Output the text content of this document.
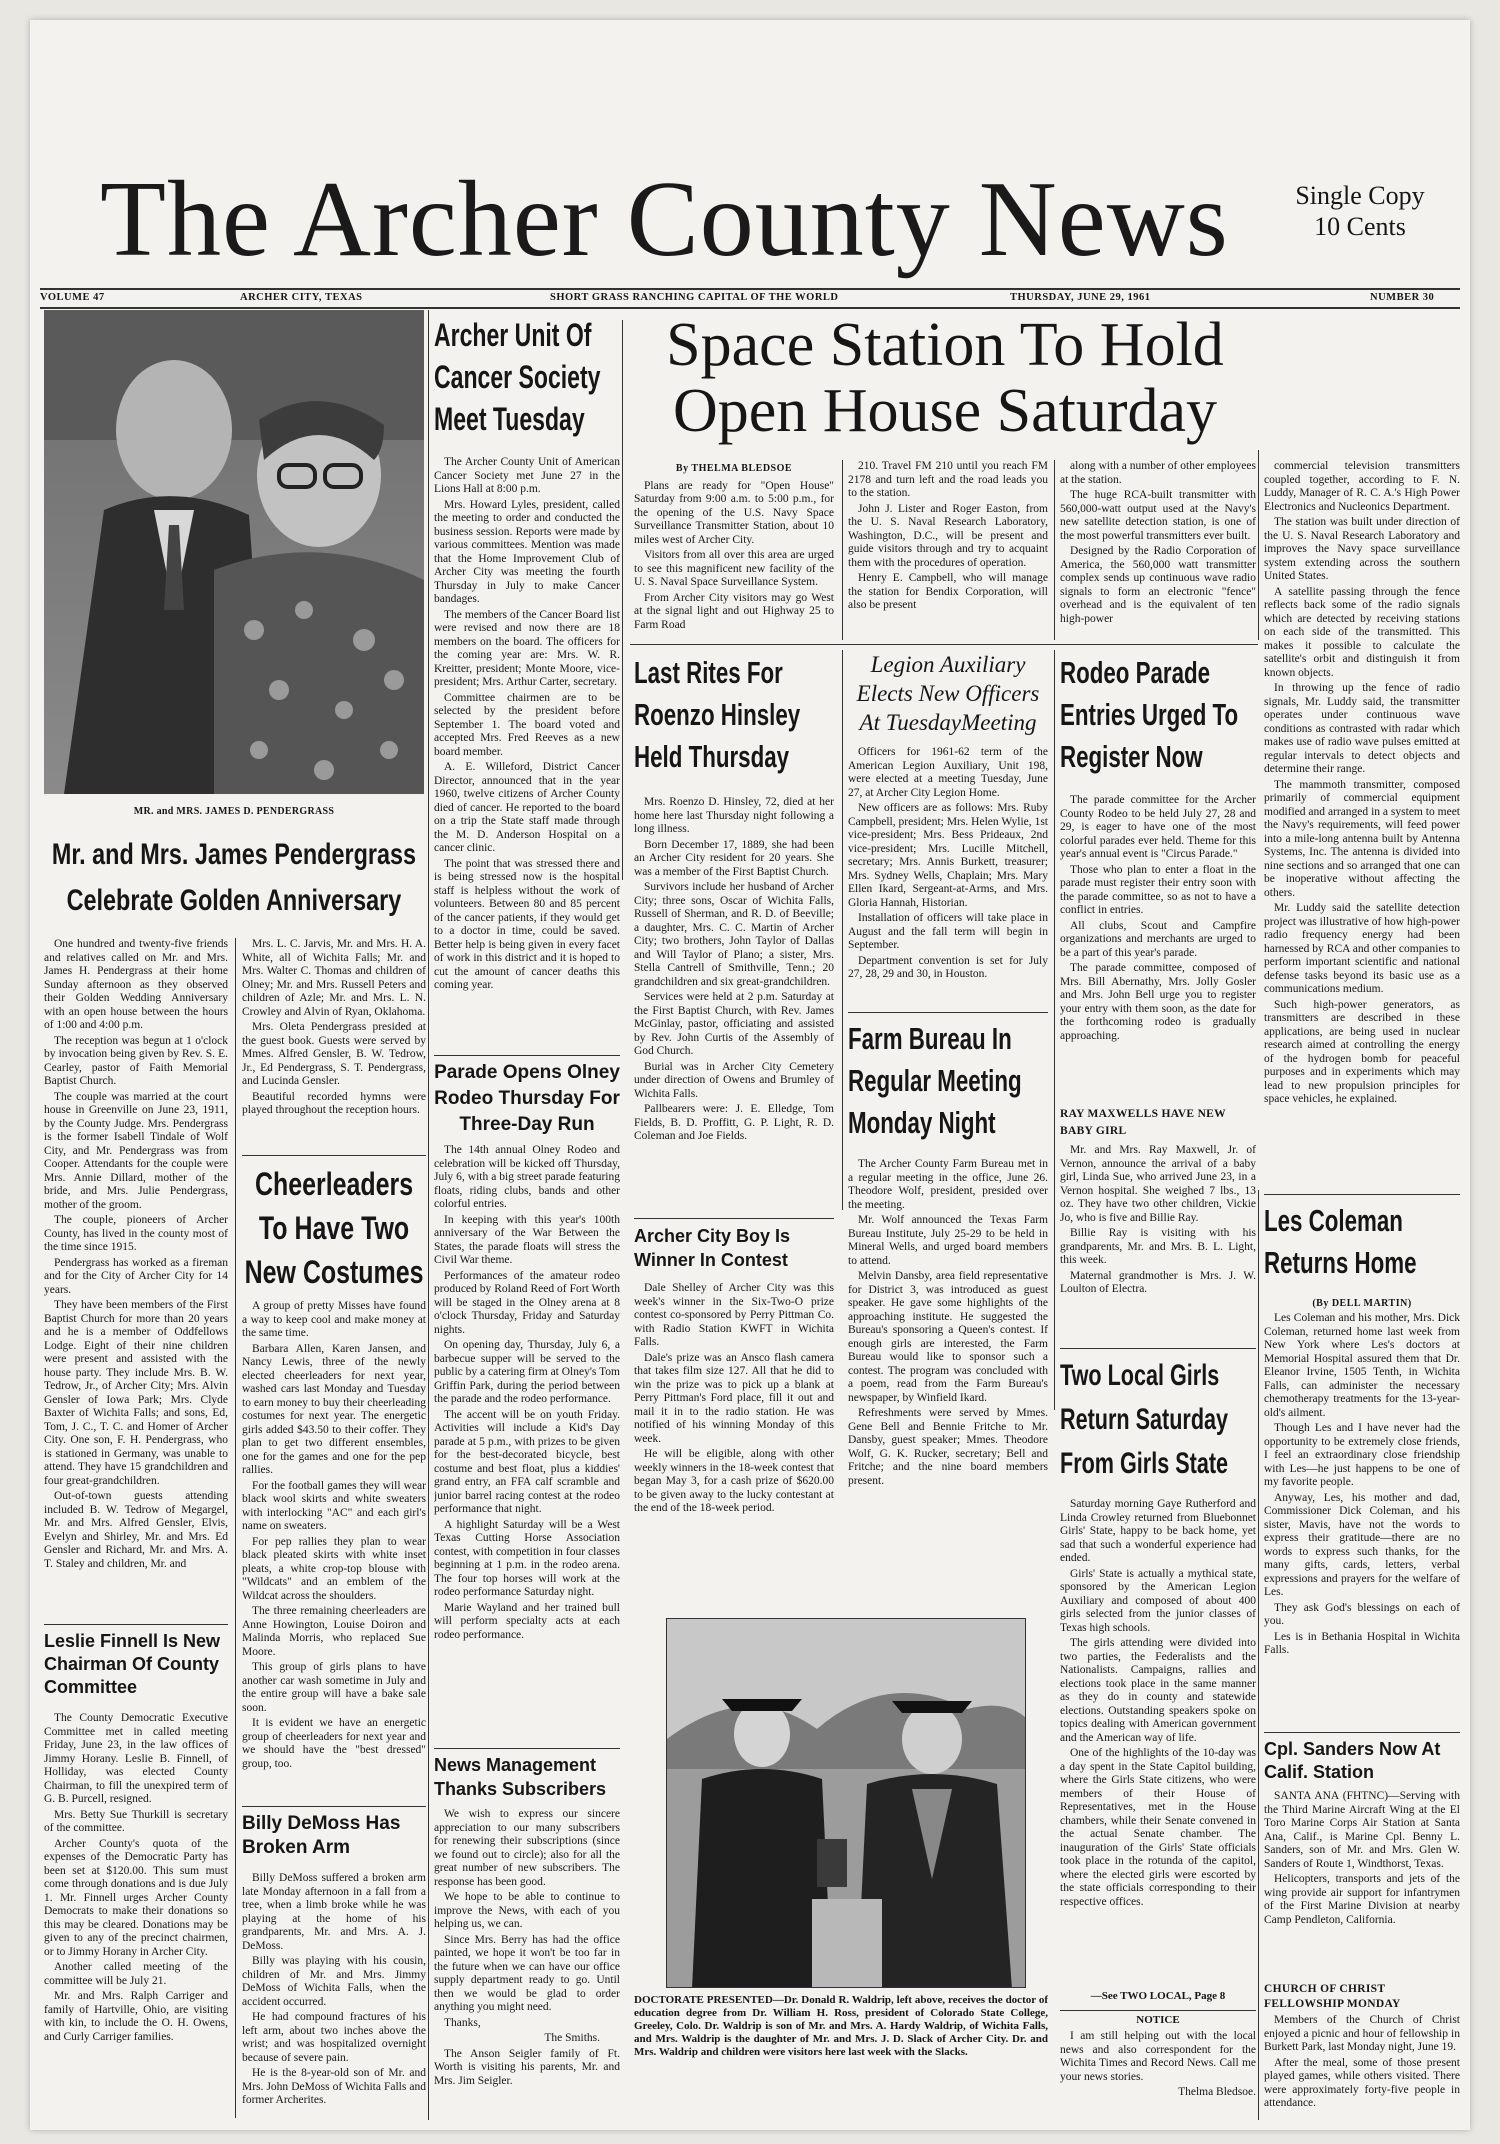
The Archer County News	Single Copy
10 Cents
VOLUME 47	ARCHER CITY, TEXAS	SHORT GRASS RANCHING CAPITAL OF THE WORLD	THURSDAY, JUNE 29, 1961	NUMBER 30
MR. and MRS. JAMES D. PENDERGRASS
Mr. and Mrs. James Pendergrass
Celebrate Golden Anniversary

One hundred and twenty-five friends and relatives called on Mr. and Mrs. James H. Pendergrass at their home Sunday afternoon as they observed their Golden Wedding Anniversary with an open house between the hours of 1:00 and 4:00 p.m.

The reception was begun at 1 o'clock by invocation being given by Rev. S. E. Cearley, pastor of Faith Memorial Baptist Church.

The couple was married at the court house in Greenville on June 23, 1911, by the County Judge. Mrs. Pendergrass is the former Isabell Tindale of Wolf City, and Mr. Pendergrass was from Cooper. Attendants for the couple were Mrs. Annie Dillard, mother of the bride, and Mrs. Julie Pendergrass, mother of the groom.

The couple, pioneers of Archer County, has lived in the county most of the time since 1915.

Pendergrass has worked as a fireman and for the City of Archer City for 14 years.

They have been members of the First Baptist Church for more than 20 years and he is a member of Oddfellows Lodge. Eight of their nine children were present and assisted with the house party. They include Mrs. B. W. Tedrow, Jr., of Archer City; Mrs. Alvin Gensler of Iowa Park; Mrs. Clyde Baxter of Wichita Falls; and sons, Ed, Tom, J. C., T. C. and Homer of Archer City. One son, F. H. Pendergrass, who is stationed in Germany, was unable to attend. They have 15 grandchildren and four great-grandchildren.

Out-of-town guests attending included B. W. Tedrow of Megargel, Mr. and Mrs. Alfred Gensler, Elvis, Evelyn and Shirley, Mr. and Mrs. Ed Gensler and Richard, Mr. and Mrs. A. T. Staley and children, Mr. and

Mrs. L. C. Jarvis, Mr. and Mrs. H. A. White, all of Wichita Falls; Mr. and Mrs. Walter C. Thomas and children of Olney; Mr. and Mrs. Russell Peters and children of Azle; Mr. and Mrs. L. N. Crowley and Alvin of Ryan, Oklahoma.

Mrs. Oleta Pendergrass presided at the guest book. Guests were served by Mmes. Alfred Gensler, B. W. Tedrow, Jr., Ed Pendergrass, S. T. Pendergrass, and Lucinda Gensler.

Beautiful recorded hymns were played throughout the reception hours.

Cheerleaders To Have Two New Costumes

A group of pretty Misses have found a way to keep cool and make money at the same time.

Barbara Allen, Karen Jansen, and Nancy Lewis, three of the newly elected cheerleaders for next year, washed cars last Monday and Tuesday to earn money to buy their cheerleading costumes for next year. The energetic girls added $43.50 to their coffer. They plan to get two different ensembles, one for the games and one for the pep rallies.

For the football games they will wear black wool skirts and white sweaters with interlocking "AC" and each girl's name on sweaters.

For pep rallies they plan to wear black pleated skirts with white inset pleats, a white crop-top blouse with "Wildcats" and an emblem of the Wildcat across the shoulders.

The three remaining cheerleaders are Anne Howington, Louise Doiron and Malinda Morris, who replaced Sue Moore.

This group of girls plans to have another car wash sometime in July and the entire group will have a bake sale soon.

It is evident we have an energetic group of cheerleaders for next year and we should have the "best dressed" group, too.

Leslie Finnell Is New Chairman Of County Committee

The County Democratic Executive Committee met in called meeting Friday, June 23, in the law offices of Jimmy Horany. Leslie B. Finnell, of Holliday, was elected County Chairman, to fill the unexpired term of G. B. Purcell, resigned.

Mrs. Betty Sue Thurkill is secretary of the committee.

Archer County's quota of the expenses of the Democratic Party has been set at $120.00. This sum must come through donations and is due July 1. Mr. Finnell urges Archer County Democrats to make their donations so this may be cleared. Donations may be given to any of the precinct chairmen, or to Jimmy Horany in Archer City.

Another called meeting of the committee will be July 21.

Mr. and Mrs. Ralph Carriger and family of Hartville, Ohio, are visiting with kin, to include the O. H. Owens, and Curly Carriger families.

Billy DeMoss Has Broken Arm

Billy DeMoss suffered a broken arm late Monday afternoon in a fall from a tree, when a limb broke while he was playing at the home of his grandparents, Mr. and Mrs. A. J. DeMoss.

Billy was playing with his cousin, children of Mr. and Mrs. Jimmy DeMoss of Wichita Falls, when the accident occurred.

He had compound fractures of his left arm, about two inches above the wrist; and was hospitalized overnight because of severe pain.

He is the 8-year-old son of Mr. and Mrs. John DeMoss of Wichita Falls and former Archerites.

Archer Unit Of Cancer Society Meet Tuesday

The Archer County Unit of American Cancer Society met June 27 in the Lions Hall at 8:00 p.m.

Mrs. Howard Lyles, president, called the meeting to order and conducted the business session. Reports were made by various committees. Mention was made that the Home Improvement Club of Archer City was meeting the fourth Thursday in July to make Cancer bandages.

The members of the Cancer Board list were revised and now there are 18 members on the board. The officers for the coming year are: Mrs. W. R. Kreitter, president; Monte Moore, vice-president; Mrs. Arthur Carter, secretary.

Committee chairmen are to be selected by the president before September 1. The board voted and accepted Mrs. Fred Reeves as a new board member.

A. E. Willeford, District Cancer Director, announced that in the year 1960, twelve citizens of Archer County died of cancer. He reported to the board on a trip the State staff made through the M. D. Anderson Hospital on a cancer clinic.

The point that was stressed there and is being stressed now is the hospital staff is helpless without the work of volunteers. Between 80 and 85 percent of the cancer patients, if they would get to a doctor in time, could be saved. Better help is being given in every facet of work in this district and it is hoped to cut the amount of cancer deaths this coming year.

Parade Opens Olney Rodeo Thursday For Three-Day Run

The 14th annual Olney Rodeo and celebration will be kicked off Thursday, July 6, with a big street parade featuring floats, riding clubs, bands and other colorful entries.

In keeping with this year's 100th anniversary of the War Between the States, the parade floats will stress the Civil War theme.

Performances of the amateur rodeo produced by Roland Reed of Fort Worth will be staged in the Olney arena at 8 o'clock Thursday, Friday and Saturday nights.

On opening day, Thursday, July 6, a barbecue supper will be served to the public by a catering firm at Olney's Tom Griffin Park, during the period between the parade and the rodeo performance.

The accent will be on youth Friday. Activities will include a Kid's Day parade at 5 p.m., with prizes to be given for the best-decorated bicycle, best costume and best float, plus a kiddies' grand entry, an FFA calf scramble and junior barrel racing contest at the rodeo performance that night.

A highlight Saturday will be a West Texas Cutting Horse Association contest, with competition in four classes beginning at 1 p.m. in the rodeo arena. The four top horses will work at the rodeo performance Saturday night.

Marie Wayland and her trained bull will perform specialty acts at each rodeo performance.

News Management Thanks Subscribers

We wish to express our sincere appreciation to our many subscribers for renewing their subscriptions (since we found out to circle); also for all the great number of new subscribers. The response has been good.

We hope to be able to continue to improve the News, with each of you helping us, we can.

Since Mrs. Berry has had the office painted, we hope it won't be too far in the future when we can have our office supply department ready to go. Until then we would be glad to order anything you might need.

Thanks,

The Smiths.

The Anson Seigler family of Ft. Worth is visiting his parents, Mr. and Mrs. Jim Seigler.

Space Station To Hold
Open House Saturday
By THELMA BLEDSOE

Plans are ready for "Open House" Saturday from 9:00 a.m. to 5:00 p.m., for the opening of the U.S. Navy Space Surveillance Transmitter Station, about 10 miles west of Archer City.

Visitors from all over this area are urged to see this magnificent new facility of the U. S. Naval Space Surveillance System.

From Archer City visitors may go West at the signal light and out Highway 25 to Farm Road

210. Travel FM 210 until you reach FM 2178 and turn left and the road leads you to the station.

John J. Lister and Roger Easton, from the U. S. Naval Research Laboratory, Washington, D.C., will be present and guide visitors through and try to acquaint them with the procedures of operation.

Henry E. Campbell, who will manage the station for Bendix Corporation, will also be present

along with a number of other employees at the station.

The huge RCA-built transmitter with 560,000-watt output used at the Navy's new satellite detection station, is one of the most powerful transmitters ever built.

Designed by the Radio Corporation of America, the 560,000 watt transmitter complex sends up continuous wave radio signals to form an electronic "fence" overhead and is the equivalent of ten high-power

commercial television transmitters coupled together, according to F. N. Luddy, Manager of R. C. A.'s High Power Electronics and Nucleonics Department.

The station was built under direction of the U. S. Naval Research Laboratory and improves the Navy space surveillance system extending across the southern United States.

A satellite passing through the fence reflects back some of the radio signals which are detected by receiving stations on each side of the transmitted. This makes it possible to calculate the satellite's orbit and distinguish it from known objects.

In throwing up the fence of radio signals, Mr. Luddy said, the transmitter operates under continuous wave conditions as contrasted with radar which makes use of radio wave pulses emitted at regular intervals to detect objects and determine their range.

The mammoth transmitter, composed primarily of commercial equipment modified and arranged in a system to meet the Navy's requirements, will feed power into a mile-long antenna built by Antenna Systems, Inc. The antenna is divided into nine sections and so arranged that one can be inoperative without affecting the others.

Mr. Luddy said the satellite detection project was illustrative of how high-power radio frequency energy had been harnessed by RCA and other companies to perform important scientific and national defense tasks beyond its basic use as a communications medium.

Such high-power generators, as transmitters are described in these applications, are being used in nuclear research aimed at controlling the energy of the hydrogen bomb for peaceful purposes and in experiments which may lead to new propulsion principles for space vehicles, he explained.

Last Rites For Roenzo Hinsley Held Thursday

Mrs. Roenzo D. Hinsley, 72, died at her home here last Thursday night following a long illness.

Born December 17, 1889, she had been an Archer City resident for 20 years. She was a member of the First Baptist Church.

Survivors include her husband of Archer City; three sons, Oscar of Wichita Falls, Russell of Sherman, and R. D. of Beeville; a daughter, Mrs. C. C. Martin of Archer City; two brothers, John Taylor of Dallas and Will Taylor of Plano; a sister, Mrs. Stella Cantrell of Smithville, Tenn.; 20 grandchildren and six great-grandchildren.

Services were held at 2 p.m. Saturday at the First Baptist Church, with Rev. James McGinlay, pastor, officiating and assisted by Rev. John Curtis of the Assembly of God Church.

Burial was in Archer City Cemetery under direction of Owens and Brumley of Wichita Falls.

Pallbearers were: J. E. Elledge, Tom Fields, B. D. Proffitt, G. P. Light, R. D. Coleman and Joe Fields.

Legion Auxiliary Elects New Officers At TuesdayMeeting

Officers for 1961-62 term of the American Legion Auxiliary, Unit 198, were elected at a meeting Tuesday, June 27, at Archer City Legion Home.

New officers are as follows: Mrs. Ruby Campbell, president; Mrs. Helen Wylie, 1st vice-president; Mrs. Bess Prideaux, 2nd vice-president; Mrs. Lucille Mitchell, secretary; Mrs. Annis Burkett, treasurer; Mrs. Sydney Wells, Chaplain; Mrs. Mary Ellen Ikard, Sergeant-at-Arms, and Mrs. Gloria Hannah, Historian.

Installation of officers will take place in August and the fall term will begin in September.

Department convention is set for July 27, 28, 29 and 30, in Houston.

Rodeo Parade Entries Urged To Register Now

The parade committee for the Archer County Rodeo to be held July 27, 28 and 29, is eager to have one of the most colorful parades ever held. Theme for this year's annual event is "Circus Parade."

Those who plan to enter a float in the parade must register their entry soon with the parade committee, so as not to have a conflict in entries.

All clubs, Scout and Campfire organizations and merchants are urged to be a part of this year's parade.

The parade committee, composed of Mrs. Bill Abernathy, Mrs. Jolly Gosler and Mrs. John Bell urge you to register your entry with them soon, as the date for the forthcoming rodeo is gradually approaching.

RAY MAXWELLS HAVE NEW BABY GIRL

Mr. and Mrs. Ray Maxwell, Jr. of Vernon, announce the arrival of a baby girl, Linda Sue, who arrived June 23, in a Vernon hospital. She weighed 7 lbs., 13 oz. They have two other children, Vickie Jo, who is five and Billie Ray.

Billie Ray is visiting with his grandparents, Mr. and Mrs. B. L. Light, this week.

Maternal grandmother is Mrs. J. W. Loulton of Electra.

Farm Bureau In Regular Meeting Monday Night

The Archer County Farm Bureau met in a regular meeting in the office, June 26. Theodore Wolf, president, presided over the meeting.

Mr. Wolf announced the Texas Farm Bureau Institute, July 25-29 to be held in Mineral Wells, and urged board members to attend.

Melvin Dansby, area field representative for District 3, was introduced as guest speaker. He gave some highlights of the approaching institute. He suggested the Bureau's sponsoring a Queen's contest. If enough girls are interested, the Farm Bureau would like to sponsor such a contest. The program was concluded with a poem, read from the Farm Bureau's newspaper, by Winfield Ikard.

Refreshments were served by Mmes. Gene Bell and Bennie Fritche to Mr. Dansby, guest speaker; Mmes. Theodore Wolf, G. K. Rucker, secretary; Bell and Fritche; and the nine board members present.

Archer City Boy Is Winner In Contest

Dale Shelley of Archer City was this week's winner in the Six-Two-O prize contest co-sponsored by Perry Pittman Co. with Radio Station KWFT in Wichita Falls.

Dale's prize was an Ansco flash camera that takes film size 127. All that he did to win the prize was to pick up a blank at Perry Pittman's Ford place, fill it out and mail it in to the radio station. He was notified of his winning Monday of this week.

He will be eligible, along with other weekly winners in the 18-week contest that began May 3, for a cash prize of $620.00 to be given away to the lucky contestant at the end of the 18-week period.

DOCTORATE PRESENTED—Dr. Donald R. Waldrip, left above, receives the doctor of education degree from Dr. William H. Ross, president of Colorado State College, Greeley, Colo. Dr. Waldrip is son of Mr. and Mrs. A. Hardy Waldrip, of Wichita Falls, and Mrs. Waldrip is the daughter of Mr. and Mrs. J. D. Slack of Archer City. Dr. and Mrs. Waldrip and children were visitors here last week with the Slacks.
Two Local Girls Return Saturday From Girls State

Saturday morning Gaye Rutherford and Linda Crowley returned from Bluebonnet Girls' State, happy to be back home, yet sad that such a wonderful experience had ended.

Girls' State is actually a mythical state, sponsored by the American Legion Auxiliary and composed of about 400 girls selected from the junior classes of Texas high schools.

The girls attending were divided into two parties, the Federalists and the Nationalists. Campaigns, rallies and elections took place in the same manner as they do in county and statewide elections. Outstanding speakers spoke on topics dealing with American government and the American way of life.

One of the highlights of the 10-day was a day spent in the State Capitol building, where the Girls State citizens, who were members of their House of Representatives, met in the House chambers, while their Senate convened in the actual Senate chamber. The inauguration of the Girls' State officials took place in the rotunda of the capitol, where the elected girls were escorted by the state officials corresponding to their respective offices.

—See TWO LOCAL, Page 8
NOTICE

I am still helping out with the local news and also correspondent for the Wichita Times and Record News. Call me your news stories.

Thelma Bledsoe.

Les Coleman Returns Home
(By DELL MARTIN)

Les Coleman and his mother, Mrs. Dick Coleman, returned home last week from New York where Les's doctors at Memorial Hospital assured them that Dr. Eleanor Irvine, 1505 Tenth, in Wichita Falls, can administer the necessary chemotherapy treatments for the 13-year-old's ailment.

Though Les and I have never had the opportunity to be extremely close friends, I feel an extraordinary close friendship with Les—he just happens to be one of my favorite people.

Anyway, Les, his mother and dad, Commissioner Dick Coleman, and his sister, Mavis, have not the words to express their gratitude—there are no words to express such thanks, for the many gifts, cards, letters, verbal expressions and prayers for the welfare of Les.

They ask God's blessings on each of you.

Les is in Bethania Hospital in Wichita Falls.

Cpl. Sanders Now At Calif. Station

SANTA ANA (FHTNC)—Serving with the Third Marine Aircraft Wing at the El Toro Marine Corps Air Station at Santa Ana, Calif., is Marine Cpl. Benny L. Sanders, son of Mr. and Mrs. Glen W. Sanders of Route 1, Windthorst, Texas.

Helicopters, transports and jets of the wing provide air support for infantrymen of the First Marine Division at nearby Camp Pendleton, California.

CHURCH OF CHRIST FELLOWSHIP MONDAY

Members of the Church of Christ enjoyed a picnic and hour of fellowship in Burkett Park, last Monday night, June 19.

After the meal, some of those present played games, while others visited. There were approximately forty-five people in attendance.
